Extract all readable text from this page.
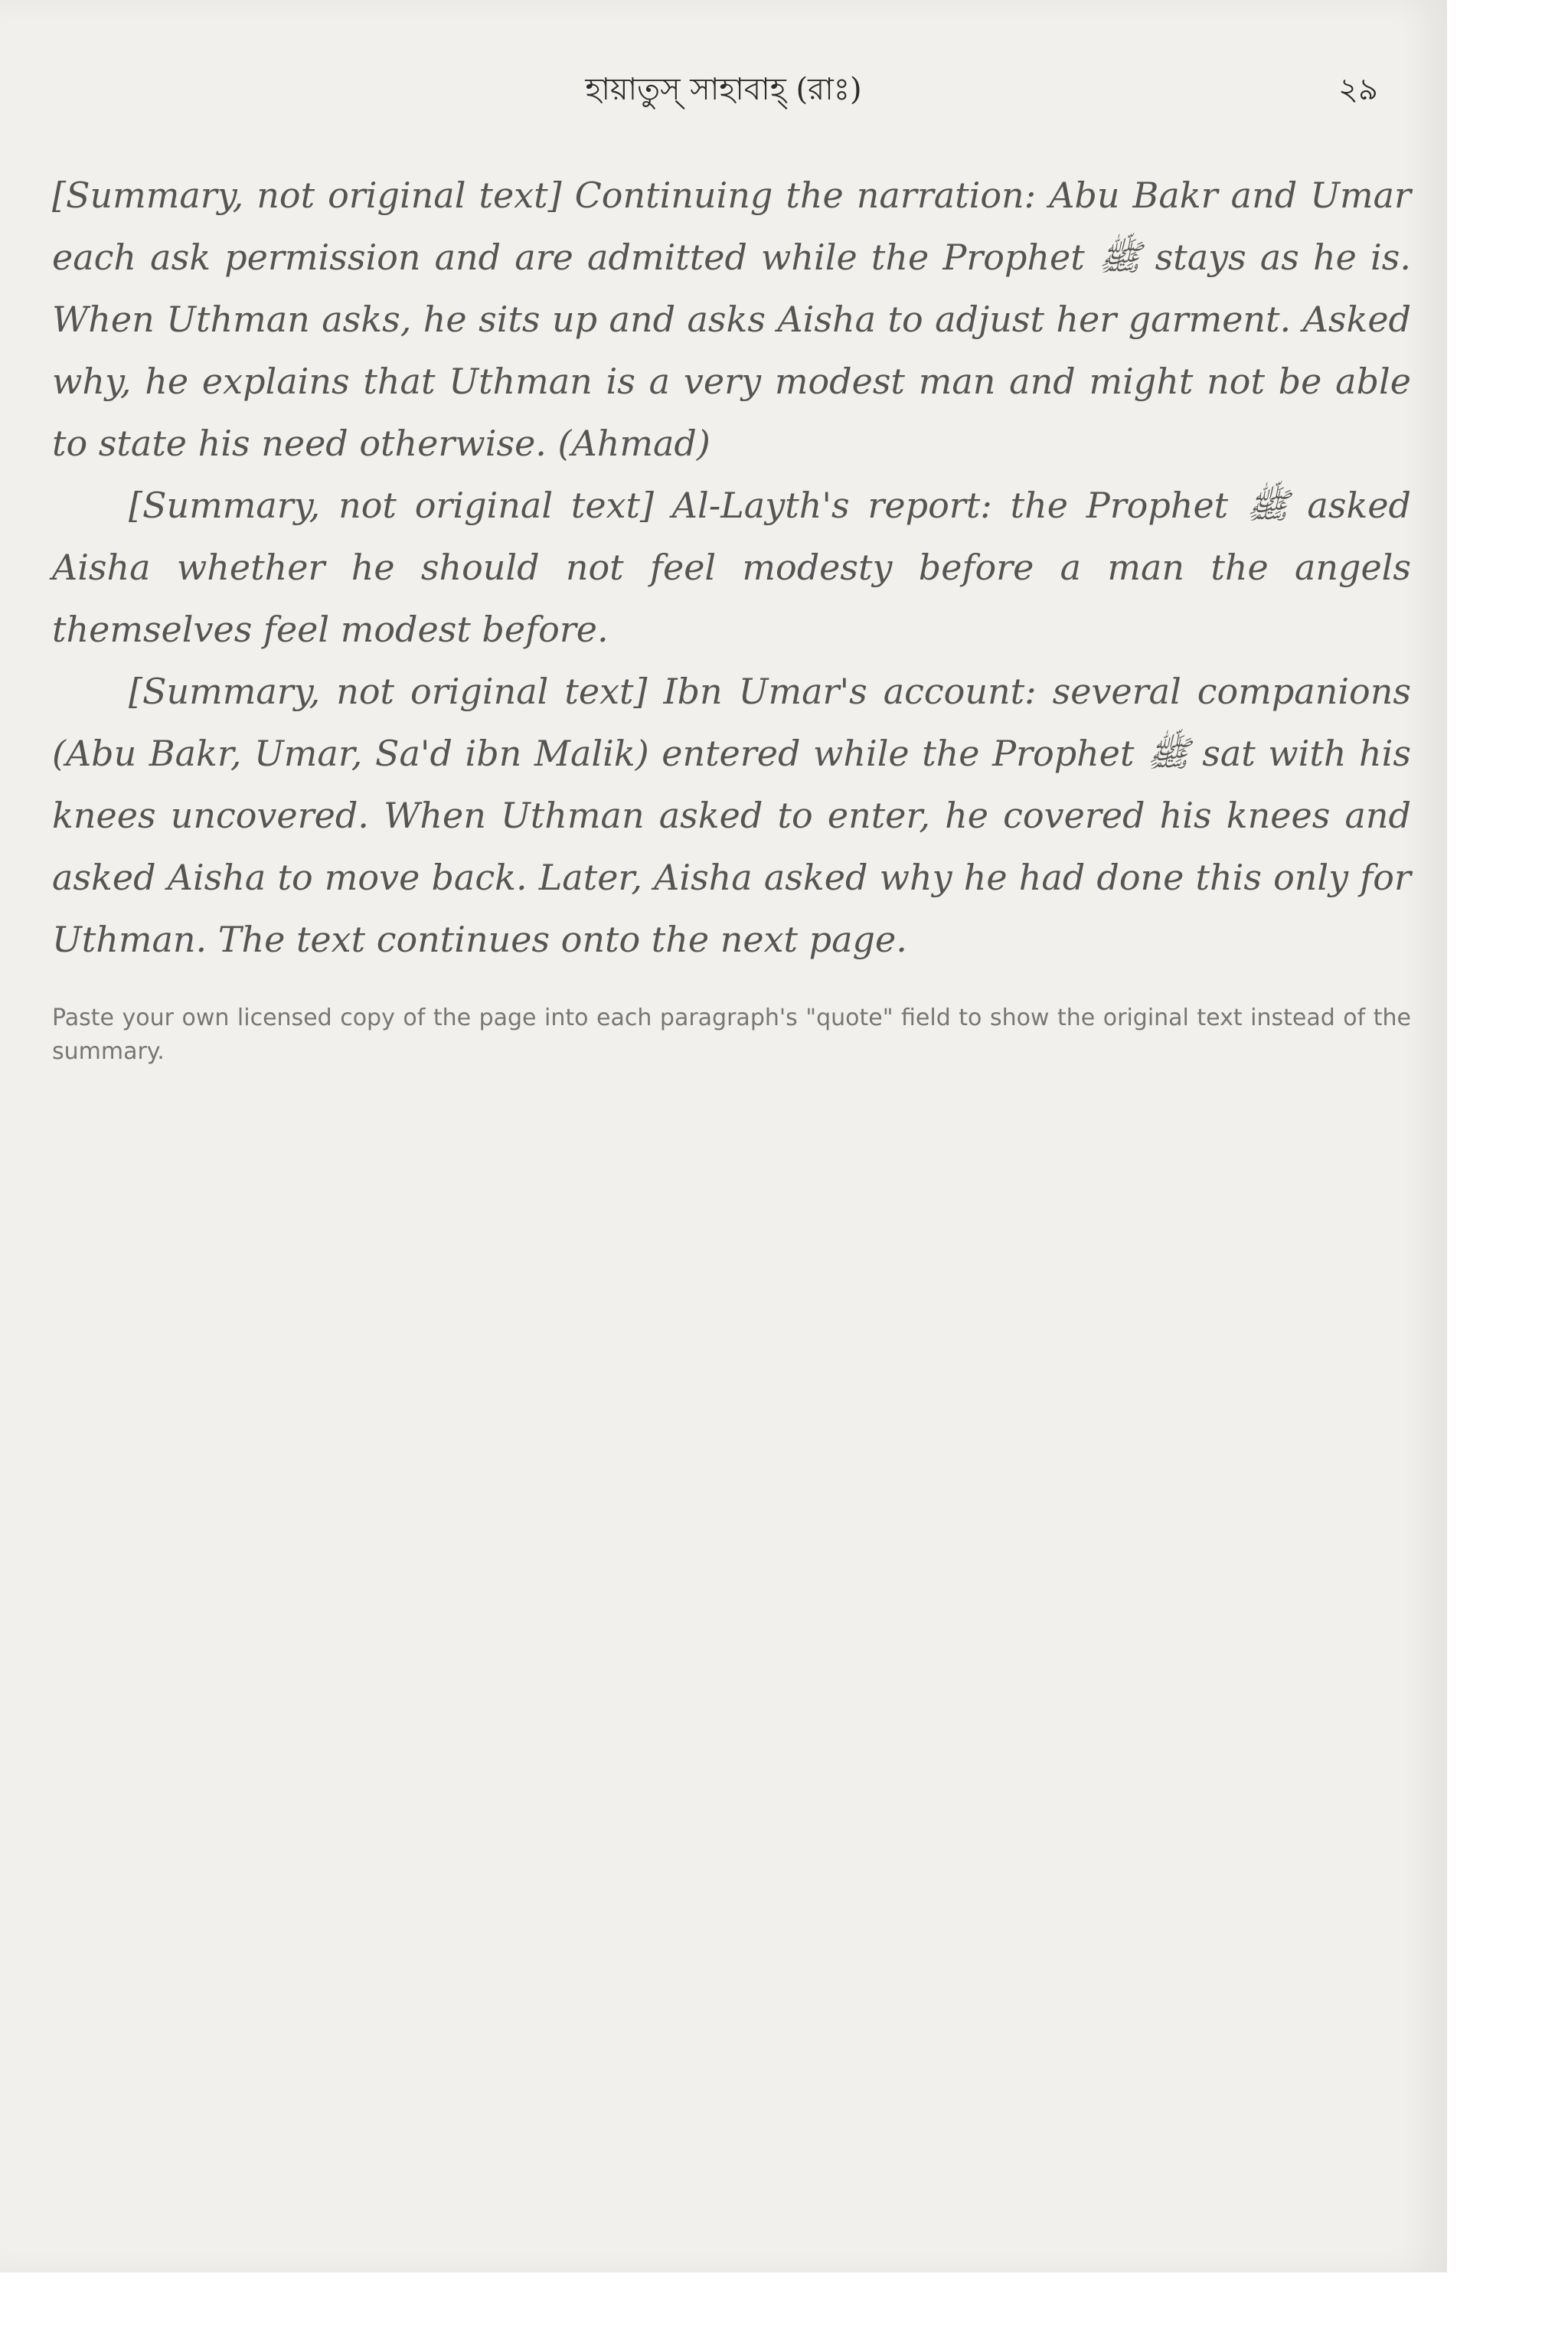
হায়াতুস্ সাহাবাহ্ (রাঃ)	২৯

[Summary, not original text] Continuing the narration: Abu Bakr and Umar each ask permission and are admitted while the Prophet ﷺ stays as he is. When Uthman asks, he sits up and asks Aisha to adjust her garment. Asked why, he explains that Uthman is a very modest man and might not be able to state his need otherwise. (Ahmad)

[Summary, not original text] Al-Layth's report: the Prophet ﷺ asked Aisha whether he should not feel modesty before a man the angels themselves feel modest before.

[Summary, not original text] Ibn Umar's account: several companions (Abu Bakr, Umar, Sa'd ibn Malik) entered while the Prophet ﷺ sat with his knees uncovered. When Uthman asked to enter, he covered his knees and asked Aisha to move back. Later, Aisha asked why he had done this only for Uthman. The text continues onto the next page.

Paste your own licensed copy of the page into each paragraph's "quote" field to show the original text instead of the summary.
